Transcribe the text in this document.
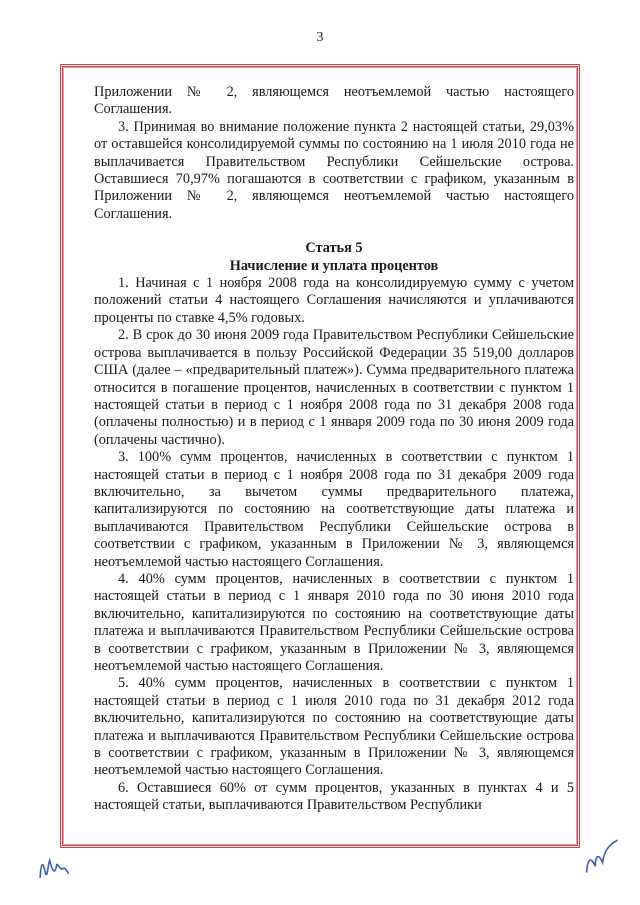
3

Приложении № 2, являющемся неотъемлемой частью настоящего Соглашения.

3. Принимая во внимание положение пункта 2 настоящей статьи, 29,03% от оставшейся консолидируемой суммы по состоянию на 1 июля 2010 года не выплачивается Правительством Республики Сейшельские острова. Оставшиеся 70,97% погашаются в соответствии с графиком, указанным в Приложении № 2, являющемся неотъемлемой частью настоящего Соглашения.

Статья 5

Начисление и уплата процентов

1. Начиная с 1 ноября 2008 года на консолидируемую сумму с учетом положений статьи 4 настоящего Соглашения начисляются и уплачиваются проценты по ставке 4,5% годовых.

2. В срок до 30 июня 2009 года Правительством Республики Сейшельские острова выплачивается в пользу Российской Федерации 35 519,00 долларов США (далее – «предварительный платеж»). Сумма предварительного платежа относится в погашение процентов, начисленных в соответствии с пунктом 1 настоящей статьи в период с 1 ноября 2008 года по 31 декабря 2008 года (оплачены полностью) и в период с 1 января 2009 года по 30 июня 2009 года (оплачены частично).

3. 100% сумм процентов, начисленных в соответствии с пунктом 1 настоящей статьи в период с 1 ноября 2008 года по 31 декабря 2009 года включительно, за вычетом суммы предварительного платежа, капитализируются по состоянию на соответствующие даты платежа и выплачиваются Правительством Республики Сейшельские острова в соответствии с графиком, указанным в Приложении № 3, являющемся неотъемлемой частью настоящего Соглашения.

4. 40% сумм процентов, начисленных в соответствии с пунктом 1 настоящей статьи в период с 1 января 2010 года по 30 июня 2010 года включительно, капитализируются по состоянию на соответствующие даты платежа и выплачиваются Правительством Республики Сейшельские острова в соответствии с графиком, указанным в Приложении № 3, являющемся неотъемлемой частью настоящего Соглашения.

5. 40% сумм процентов, начисленных в соответствии с пунктом 1 настоящей статьи в период с 1 июля 2010 года по 31 декабря 2012 года включительно, капитализируются по состоянию на соответствующие даты платежа и выплачиваются Правительством Республики Сейшельские острова в соответствии с графиком, указанным в Приложении № 3, являющемся неотъемлемой частью настоящего Соглашения.

6. Оставшиеся 60% от сумм процентов, указанных в пунктах 4 и 5 настоящей статьи, выплачиваются Правительством Республики
